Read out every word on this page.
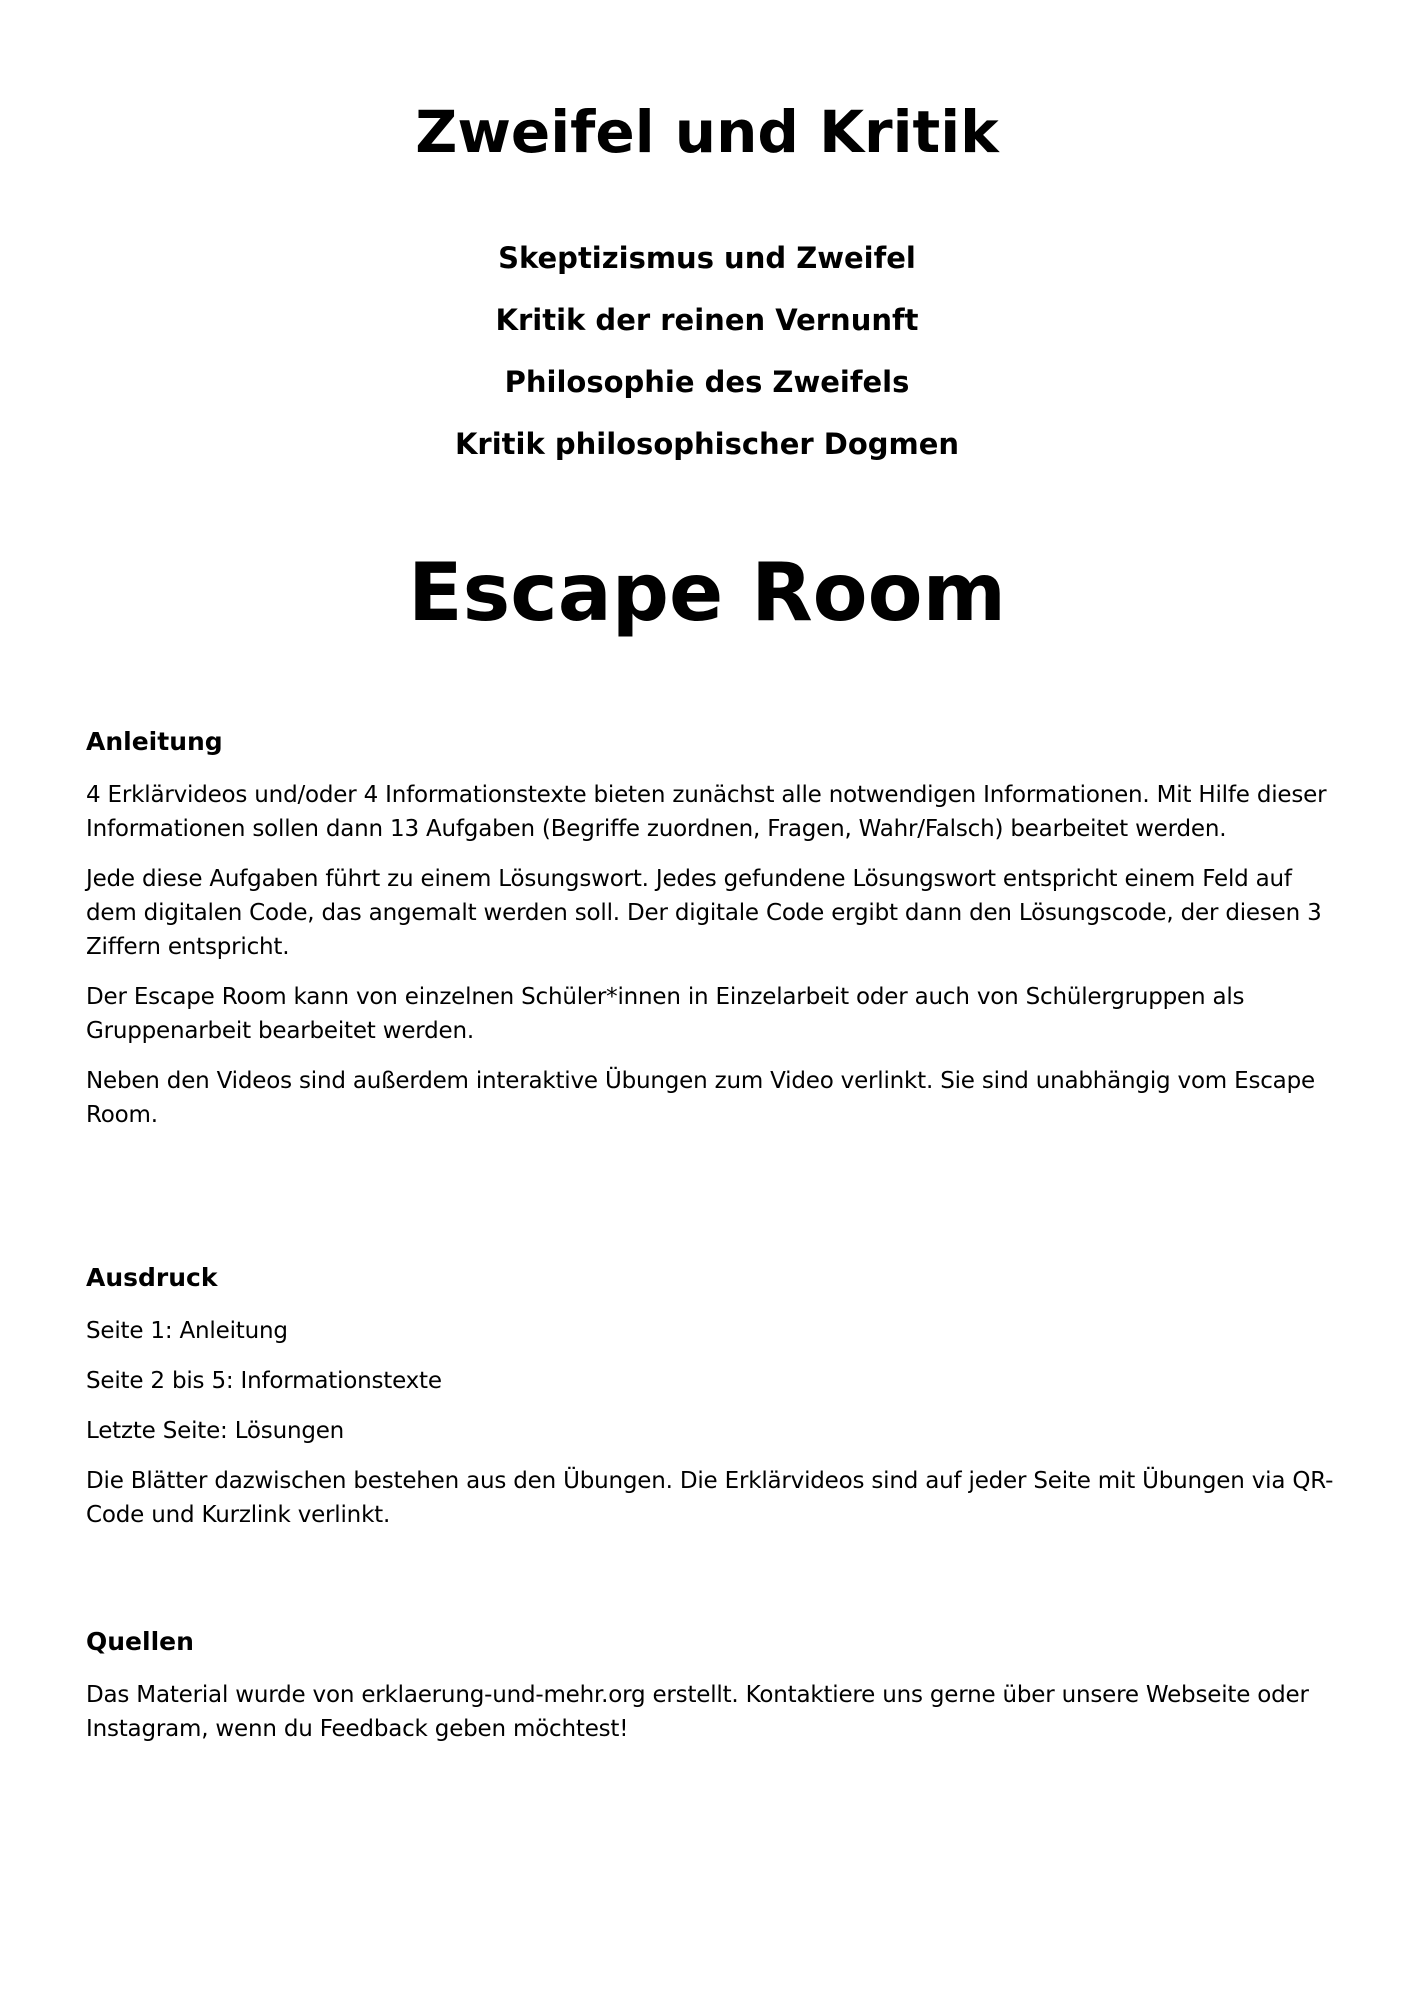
Zweifel und Kritik
Skeptizismus und Zweifel
Kritik der reinen Vernunft
Philosophie des Zweifels
Kritik philosophischer Dogmen
Escape Room
Anleitung

4 Erklärvideos und/oder 4 Informationstexte bieten zunächst alle notwendigen Informationen. Mit Hilfe dieser Informationen sollen dann 13 Aufgaben (Begriffe zuordnen, Fragen, Wahr/Falsch) bearbeitet werden.

Jede diese Aufgaben führt zu einem Lösungswort. Jedes gefundene Lösungswort entspricht einem Feld auf dem digitalen Code, das angemalt werden soll. Der digitale Code ergibt dann den Lösungscode, der diesen 3 Ziffern entspricht.

Der Escape Room kann von einzelnen Schüler*innen in Einzelarbeit oder auch von Schülergruppen als Gruppenarbeit bearbeitet werden.

Neben den Videos sind außerdem interaktive Übungen zum Video verlinkt. Sie sind unabhängig vom Escape Room.

Ausdruck

Seite 1: Anleitung

Seite 2 bis 5: Informationstexte

Letzte Seite: Lösungen

Die Blätter dazwischen bestehen aus den Übungen. Die Erklärvideos sind auf jeder Seite mit Übungen via QR-Code und Kurzlink verlinkt.

Quellen

Das Material wurde von erklaerung-und-mehr.org erstellt. Kontaktiere uns gerne über unsere Webseite oder Instagram, wenn du Feedback geben möchtest!
